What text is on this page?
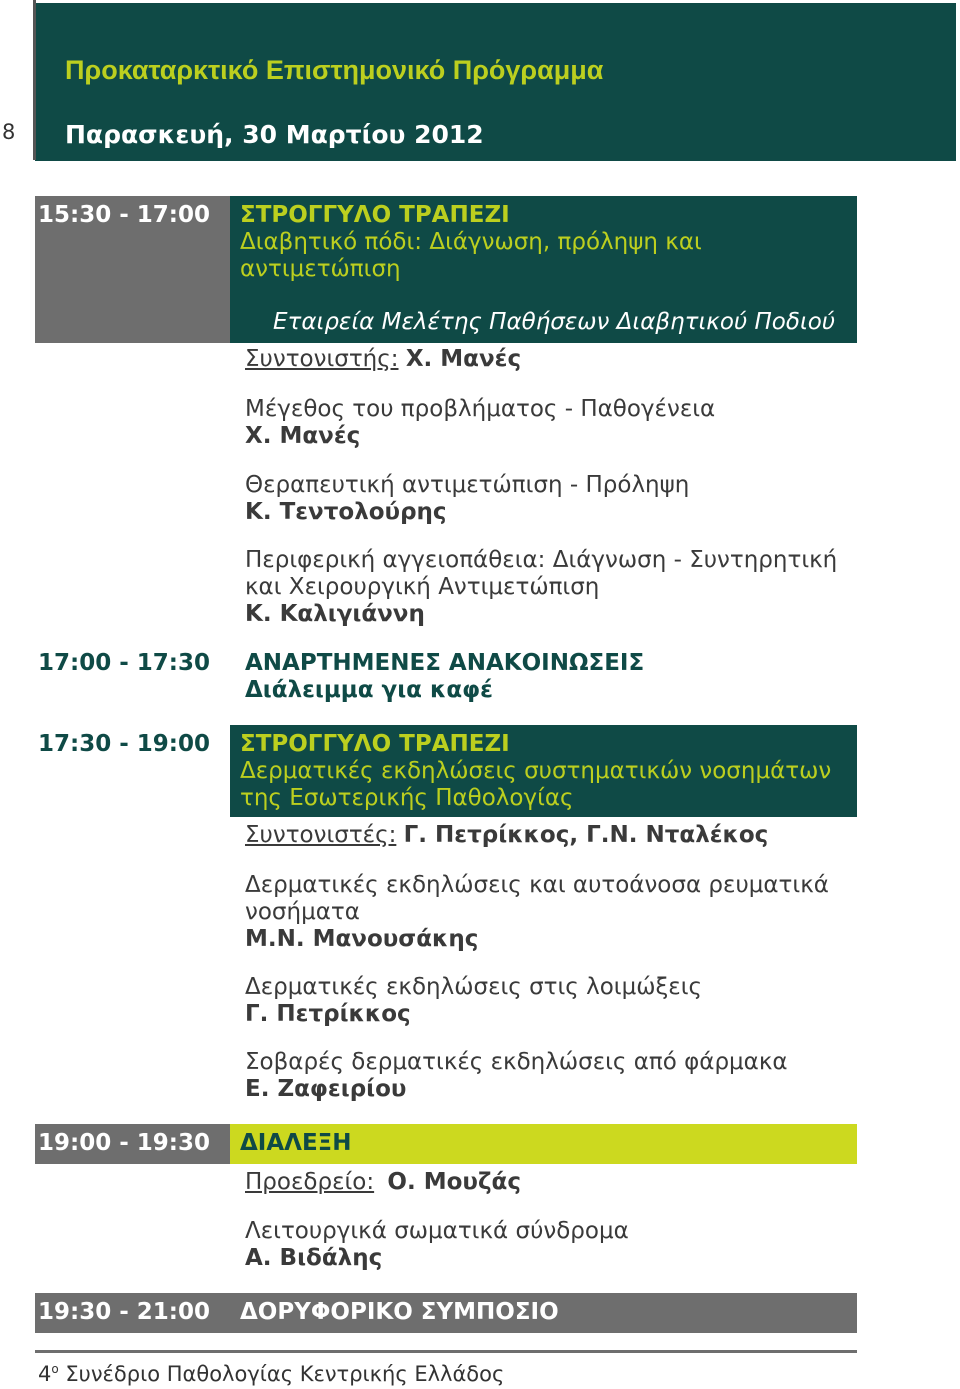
8
Προκαταρκτικό Επιστημονικό Πρόγραμμα
Παρασκευή, 30 Μαρτίου 2012
15:30 - 17:00	ΣΤΡΟΓΓΥΛΟ ΤΡΑΠΕΖΙ
Διαβητικό πόδι: Διάγνωση, πρόληψη και
αντιμετώπιση
Εταιρεία Μελέτης Παθήσεων Διαβητικού Ποδιού
Συντονιστής: Χ. Μανές
Μέγεθος του προβλήματος - Παθογένεια
Χ. Μανές
Θεραπευτική αντιμετώπιση - Πρόληψη
Κ. Τεντολούρης
Περιφερική αγγειοπάθεια: Διάγνωση - Συντηρητική
και Χειρουργική Αντιμετώπιση
Κ. Καλιγιάννη
17:00 - 17:30 ΑΝΑΡΤΗΜΕΝΕΣ ΑΝΑΚΟΙΝΩΣΕΙΣ
Διάλειμμα για καφέ
17:30 - 19:00	ΣΤΡΟΓΓΥΛΟ ΤΡΑΠΕΖΙ
Δερματικές εκδηλώσεις συστηματικών νοσημάτων
της Εσωτερικής Παθολογίας
Συντονιστές: Γ. Πετρίκκος, Γ.Ν. Νταλέκος
Δερματικές εκδηλώσεις και αυτοάνοσα ρευματικά
νοσήματα
Μ.Ν. Μανουσάκης
Δερματικές εκδηλώσεις στις λοιμώξεις
Γ. Πετρίκκος
Σοβαρές δερματικές εκδηλώσεις από φάρμακα
Ε. Ζαφειρίου
19:00 - 19:30	ΔΙΑΛΕΞΗ
Προεδρείο: Ο. Μουζάς
Λειτουργικά σωματικά σύνδρομα
Α. Βιδάλης
19:30 - 21:00	ΔΟΡΥΦΟΡΙΚΟ ΣΥΜΠΟΣΙΟ
$4^o$ Συνέδριο Παθολογίας Κεντρικής Ελλάδος
